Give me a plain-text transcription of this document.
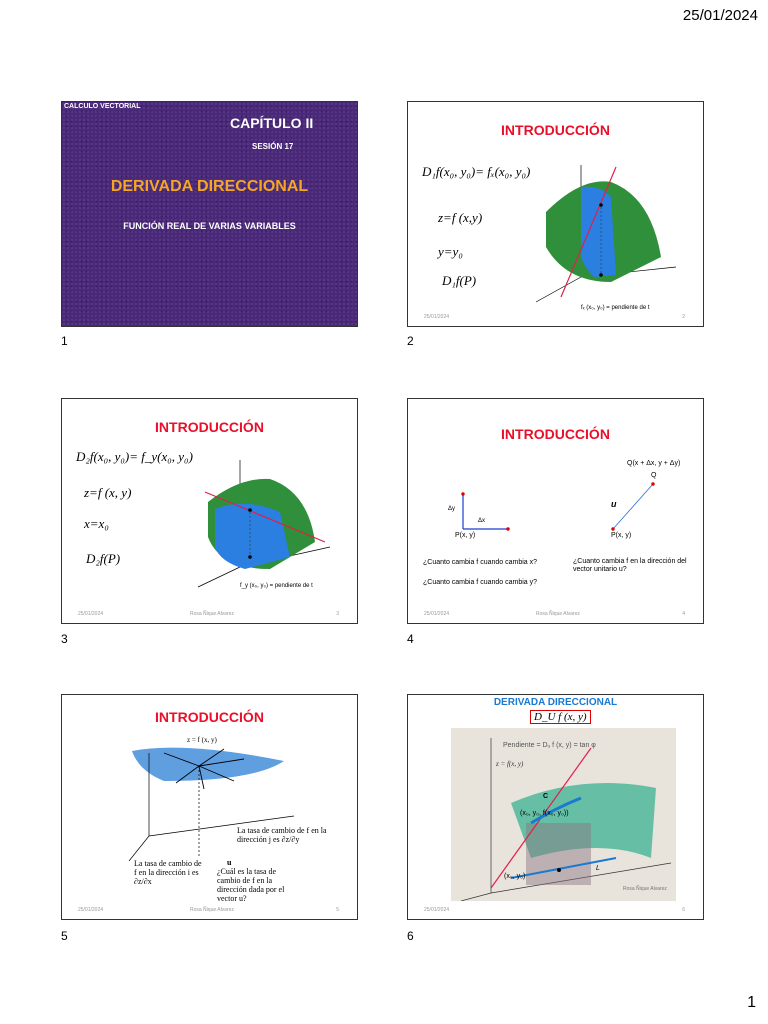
25/01/2024
CALCULO VECTORIAL
CAPÍTULO II
SESIÓN 17
DERIVADA DIRECCIONAL
FUNCIÓN REAL DE VARIAS VARIABLES
1
INTRODUCCIÓN
D₁f(x₀, y₀)= fₓ(x₀, y₀)
z=f (x,y)
y=y₀
D₁f(P)
fₓ (x₀, y₀) = pendiente de t
25/01/2024	2
2
INTRODUCCIÓN
D₂f(x₀, y₀)= f_y(x₀, y₀)
z=f (x, y)
x=x₀
D₂f(P)
f_y (x₀, y₀) = pendiente de t
25/01/2024	Rosa Ñique Alvarez	3
3
INTRODUCCIÓN
Q(x + Δx, y + Δy)
Q
Δy
Δx
P(x, y)
u
P(x, y)
¿Cuanto cambia f cuando cambia x?
¿Cuanto cambia f cuando cambia y?
¿Cuanto cambia f en la dirección del vector unitario u?
25/01/2024	Rosa Ñique Alvarez	4
4
INTRODUCCIÓN
z = f (x, y)
La tasa de cambio de f en la dirección j es ∂z/∂y
La tasa de cambio de f en la dirección i es ∂z/∂x
u
¿Cuál es la tasa de cambio de f en la dirección dada por el vector u?
25/01/2024	Rosa Ñique Alvarez	5
5
DERIVADA DIRECCIONAL
D_U f (x, y)
Pendiente = Dᵤ f (x, y) = tan φ
z = f(x, y)
C
(x₀, y₀, f(x₀, y₀))
(x₀, y₀)
L
Rosa Ñique Alvarez
25/01/2024	6
6
1
